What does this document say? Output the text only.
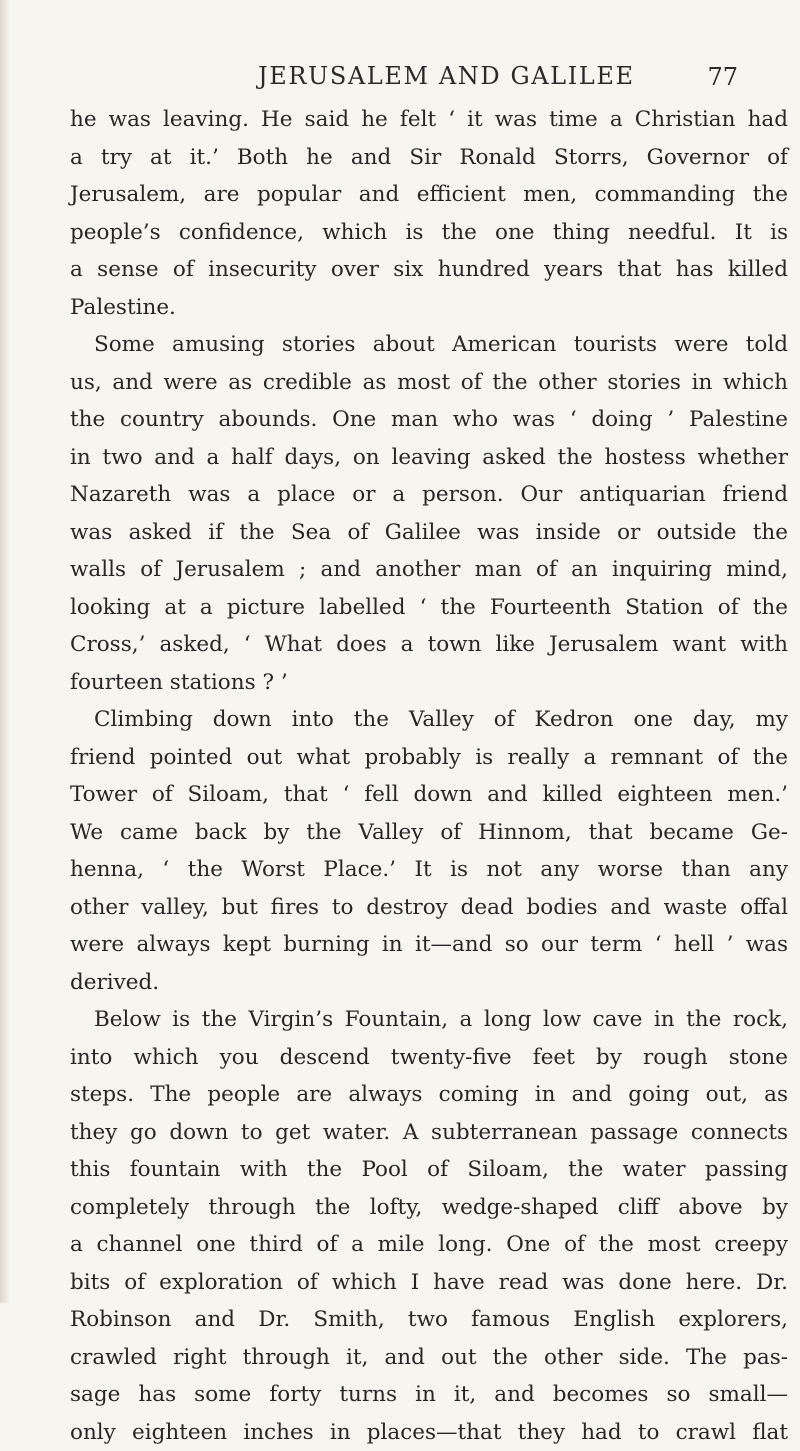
JERUSALEM AND GALILEE	77
he was leaving. He said he felt ‘ it was time a Christian had
a try at it.’ Both he and Sir Ronald Storrs, Governor of
Jerusalem, are popular and efficient men, commanding the
people’s confidence, which is the one thing needful. It is
a sense of insecurity over six hundred years that has killed
Palestine.
Some amusing stories about American tourists were told
us, and were as credible as most of the other stories in which
the country abounds. One man who was ‘ doing ’ Palestine
in two and a half days, on leaving asked the hostess whether
Nazareth was a place or a person. Our antiquarian friend
was asked if the Sea of Galilee was inside or outside the
walls of Jerusalem ; and another man of an inquiring mind,
looking at a picture labelled ‘ the Fourteenth Station of the
Cross,’ asked, ‘ What does a town like Jerusalem want with
fourteen stations ? ’
Climbing down into the Valley of Kedron one day, my
friend pointed out what probably is really a remnant of the
Tower of Siloam, that ‘ fell down and killed eighteen men.’
We came back by the Valley of Hinnom, that became Ge-
henna, ‘ the Worst Place.’ It is not any worse than any
other valley, but fires to destroy dead bodies and waste offal
were always kept burning in it—and so our term ‘ hell ’ was
derived.
Below is the Virgin’s Fountain, a long low cave in the rock,
into which you descend twenty-five feet by rough stone
steps. The people are always coming in and going out, as
they go down to get water. A subterranean passage connects
this fountain with the Pool of Siloam, the water passing
completely through the lofty, wedge-shaped cliff above by
a channel one third of a mile long. One of the most creepy
bits of exploration of which I have read was done here. Dr.
Robinson and Dr. Smith, two famous English explorers,
crawled right through it, and out the other side. The pas-
sage has some forty turns in it, and becomes so small—
only eighteen inches in places—that they had to crawl flat
